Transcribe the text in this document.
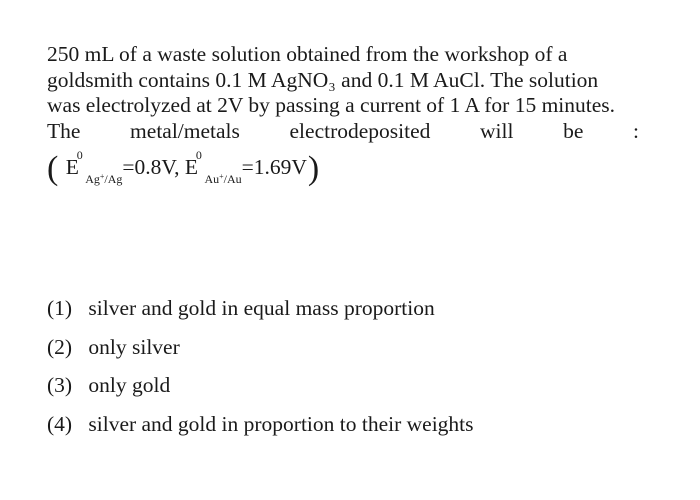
250 mL of a waste solution obtained from the workshop of a
goldsmith contains 0.1 M AgNO₃ and 0.1 M AuCl. The solution
was electrolyzed at 2V by passing a current of 1 A for 15 minutes.
The metal/metals electrodeposited will be :
( E
0
Ag+/Ag=0.8V, E
0
Au+/Au=1.69V)
(1) silver and gold in equal mass proportion
(2) only silver
(3) only gold
(4) silver and gold in proportion to their weights
